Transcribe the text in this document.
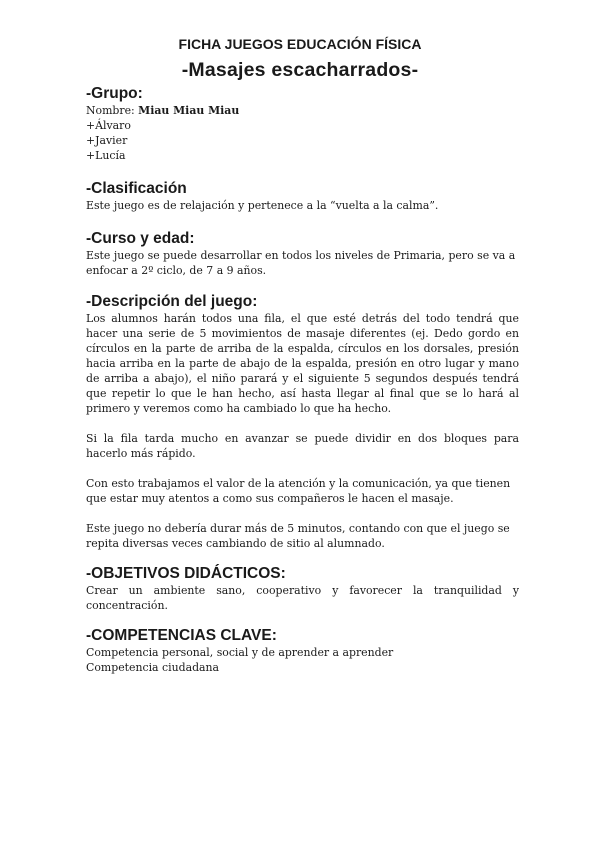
FICHA JUEGOS EDUCACIÓN FÍSICA
-Masajes escacharrados-
-Grupo:

Nombre: Miau Miau Miau

+Álvaro

+Javier

+Lucía

-Clasificación

Este juego es de relajación y pertenece a la “vuelta a la calma”.

-Curso y edad:

Este juego se puede desarrollar en todos los niveles de Primaria, pero se va a enfocar a 2º ciclo, de 7 a 9 años.

-Descripción del juego:

Los alumnos harán todos una fila, el que esté detrás del todo tendrá que hacer una serie de 5 movimientos de masaje diferentes (ej. Dedo gordo en círculos en la parte de arriba de la espalda, círculos en los dorsales, presión hacia arriba en la parte de abajo de la espalda, presión en otro lugar y mano de arriba a abajo), el niño parará y el siguiente 5 segundos después tendrá que repetir lo que le han hecho, así hasta llegar al final que se lo hará al primero y veremos como ha cambiado lo que ha hecho.

Si la fila tarda mucho en avanzar se puede dividir en dos bloques para hacerlo más rápido.

Con esto trabajamos el valor de la atención y la comunicación, ya que tienen que estar muy atentos a como sus compañeros le hacen el masaje.

Este juego no debería durar más de 5 minutos, contando con que el juego se repita diversas veces cambiando de sitio al alumnado.

-OBJETIVOS DIDÁCTICOS:

Crear un ambiente sano, cooperativo y favorecer la tranquilidad y concentración.

-COMPETENCIAS CLAVE:

Competencia personal, social y de aprender a aprender

Competencia ciudadana
